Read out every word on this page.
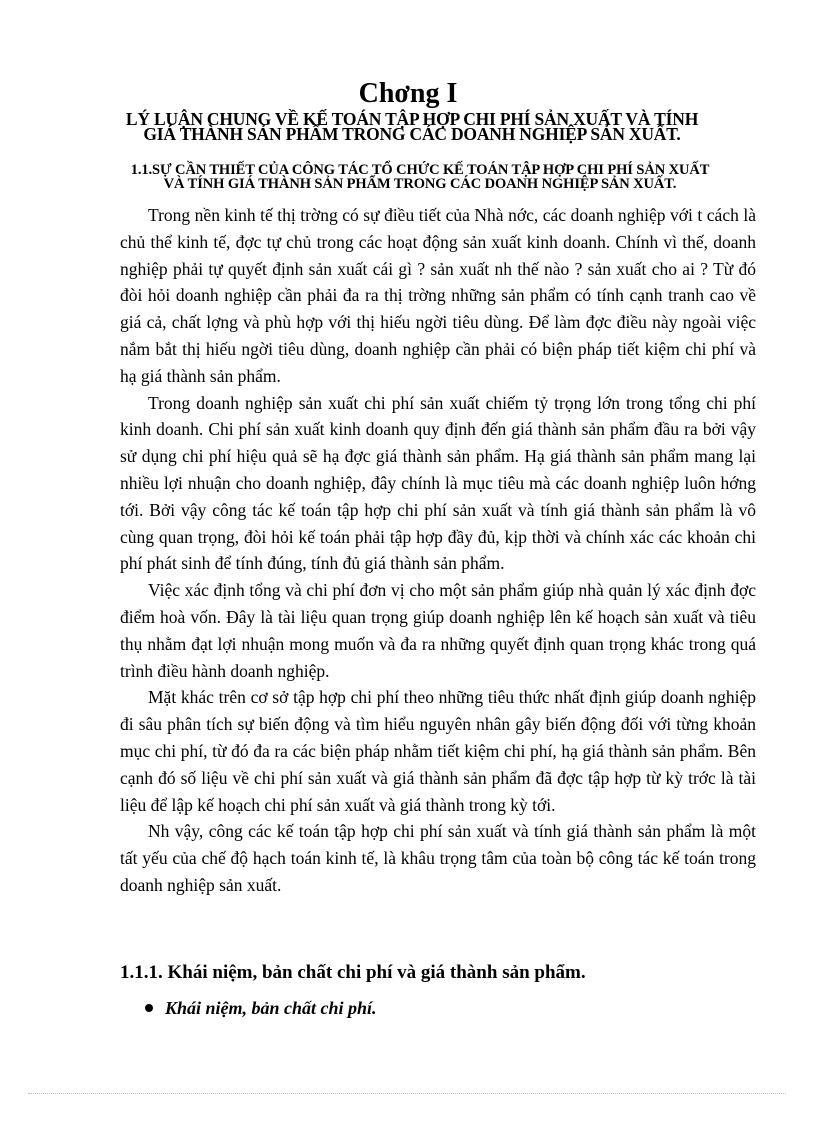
Chơng I
LÝ LUẬN CHUNG VỀ KẾ TOÁN TẬP HỢP CHI PHÍ SẢN XUẤT VÀ TÍNH GIÁ THÀNH SẢN PHẨM TRONG CÁC DOANH NGHIỆP SẢN XUẤT.
1.1.SỰ CẦN THIẾT CỦA CÔNG TÁC TỔ CHỨC KẾ TOÁN TẬP HỢP CHI PHÍ SẢN XUẤT VÀ TÍNH GIÁ THÀNH SẢN PHẨM TRONG CÁC DOANH NGHIỆP SẢN XUẤT.

Trong nền kinh tế thị trờng có sự điều tiết của Nhà nớc, các doanh nghiệp với t cách là chủ thể kinh tế, đợc tự chủ trong các hoạt động sản xuất kinh doanh. Chính vì thế, doanh nghiệp phải tự quyết định sản xuất cái gì ? sản xuất nh thế nào ? sản xuất cho ai ? Từ đó đòi hỏi doanh nghiệp cần phải đa ra thị trờng những sản phẩm có tính cạnh tranh cao về giá cả, chất lợng và phù hợp với thị hiếu ngời tiêu dùng. Để làm đợc điều này ngoài việc nắm bắt thị hiếu ngời tiêu dùng, doanh nghiệp cần phải có biện pháp tiết kiệm chi phí và hạ giá thành sản phẩm.

Trong doanh nghiệp sản xuất chi phí sản xuất chiếm tỷ trọng lớn trong tổng chi phí kinh doanh. Chi phí sản xuất kinh doanh quy định đến giá thành sản phẩm đầu ra bởi vậy sử dụng chi phí hiệu quả sẽ hạ đợc giá thành sản phẩm. Hạ giá thành sản phẩm mang lại nhiều lợi nhuận cho doanh nghiệp, đây chính là mục tiêu mà các doanh nghiệp luôn hớng tới. Bởi vậy công tác kế toán tập hợp chi phí sản xuất và tính giá thành sản phẩm là vô cùng quan trọng, đòi hỏi kế toán phải tập hợp đầy đủ, kịp thời và chính xác các khoản chi phí phát sinh để tính đúng, tính đủ giá thành sản phẩm.

Việc xác định tổng và chi phí đơn vị cho một sản phẩm giúp nhà quản lý xác định đợc điểm hoà vốn. Đây là tài liệu quan trọng giúp doanh nghiệp lên kế hoạch sản xuất và tiêu thụ nhằm đạt lợi nhuận mong muốn và đa ra những quyết định quan trọng khác trong quá trình điều hành doanh nghiệp.

Mặt khác trên cơ sở tập hợp chi phí theo những tiêu thức nhất định giúp doanh nghiệp đi sâu phân tích sự biến động và tìm hiểu nguyên nhân gây biến động đối với từng khoản mục chi phí, từ đó đa ra các biện pháp nhằm tiết kiệm chi phí, hạ giá thành sản phẩm. Bên cạnh đó số liệu về chi phí sản xuất và giá thành sản phẩm đã đợc tập hợp từ kỳ trớc là tài liệu để lập kế hoạch chi phí sản xuất và giá thành trong kỳ tới.

Nh vậy, công các kế toán tập hợp chi phí sản xuất và tính giá thành sản phẩm là một tất yếu của chế độ hạch toán kinh tế, là khâu trọng tâm của toàn bộ công tác kế toán trong doanh nghiệp sản xuất.

1.1.1. Khái niệm, bản chất chi phí và giá thành sản phẩm.
Khái niệm, bản chất chi phí.
